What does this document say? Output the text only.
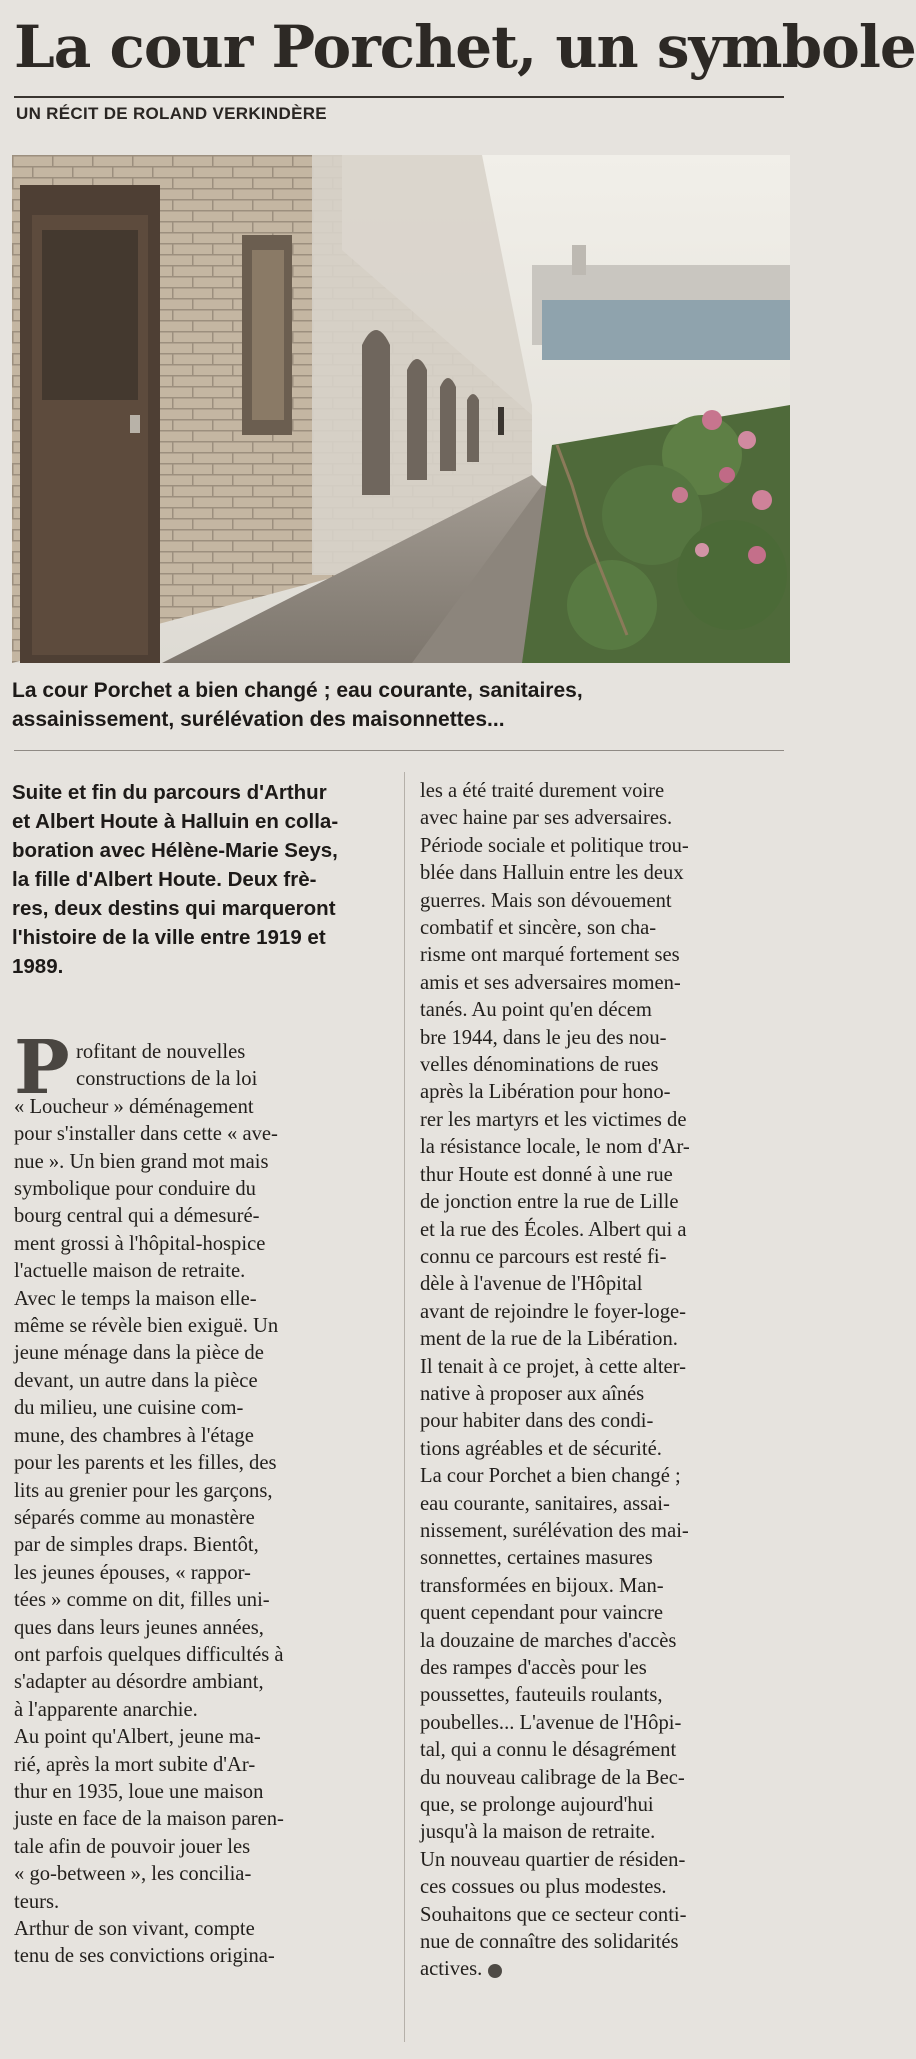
La cour Porchet, un symbole
UN RÉCIT DE ROLAND VERKINDÈRE

La cour Porchet a bien changé ; eau courante, sanitaires,

assainissement, surélévation des maisonnettes...

Suite et fin du parcours d'Arthur

et Albert Houte à Halluin en colla-

boration avec Hélène-Marie Seys,

la fille d'Albert Houte. Deux frè-

res, deux destins qui marqueront

l'histoire de la ville entre 1919 et

1989.

P rofitant de nouvelles

constructions de la loi

« Loucheur » déménagement

pour s'installer dans cette « ave-

nue ». Un bien grand mot mais

symbolique pour conduire du

bourg central qui a démesuré-

ment grossi à l'hôpital-hospice

l'actuelle maison de retraite.

Avec le temps la maison elle-

même se révèle bien exiguë. Un

jeune ménage dans la pièce de

devant, un autre dans la pièce

du milieu, une cuisine com-

mune, des chambres à l'étage

pour les parents et les filles, des

lits au grenier pour les garçons,

séparés comme au monastère

par de simples draps. Bientôt,

les jeunes épouses, « rappor-

tées » comme on dit, filles uni-

ques dans leurs jeunes années,

ont parfois quelques difficultés à

s'adapter au désordre ambiant,

à l'apparente anarchie.

Au point qu'Albert, jeune ma-

rié, après la mort subite d'Ar-

thur en 1935, loue une maison

juste en face de la maison paren-

tale afin de pouvoir jouer les

« go-between », les concilia-

teurs.

Arthur de son vivant, compte

tenu de ses convictions origina-

les a été traité durement voire

avec haine par ses adversaires.

Période sociale et politique trou-

blée dans Halluin entre les deux

guerres. Mais son dévouement

combatif et sincère, son cha-

risme ont marqué fortement ses

amis et ses adversaires momen-

tanés. Au point qu'en décem

bre 1944, dans le jeu des nou-

velles dénominations de rues

après la Libération pour hono-

rer les martyrs et les victimes de

la résistance locale, le nom d'Ar-

thur Houte est donné à une rue

de jonction entre la rue de Lille

et la rue des Écoles. Albert qui a

connu ce parcours est resté fi-

dèle à l'avenue de l'Hôpital

avant de rejoindre le foyer-loge-

ment de la rue de la Libération.

Il tenait à ce projet, à cette alter-

native à proposer aux aînés

pour habiter dans des condi-

tions agréables et de sécurité.

La cour Porchet a bien changé ;

eau courante, sanitaires, assai-

nissement, surélévation des mai-

sonnettes, certaines masures

transformées en bijoux. Man-

quent cependant pour vaincre

la douzaine de marches d'accès

des rampes d'accès pour les

poussettes, fauteuils roulants,

poubelles... L'avenue de l'Hôpi-

tal, qui a connu le désagrément

du nouveau calibrage de la Bec-

que, se prolonge aujourd'hui

jusqu'à la maison de retraite.

Un nouveau quartier de résiden-

ces cossues ou plus modestes.

Souhaitons que ce secteur conti-

nue de connaître des solidarités

actives.
